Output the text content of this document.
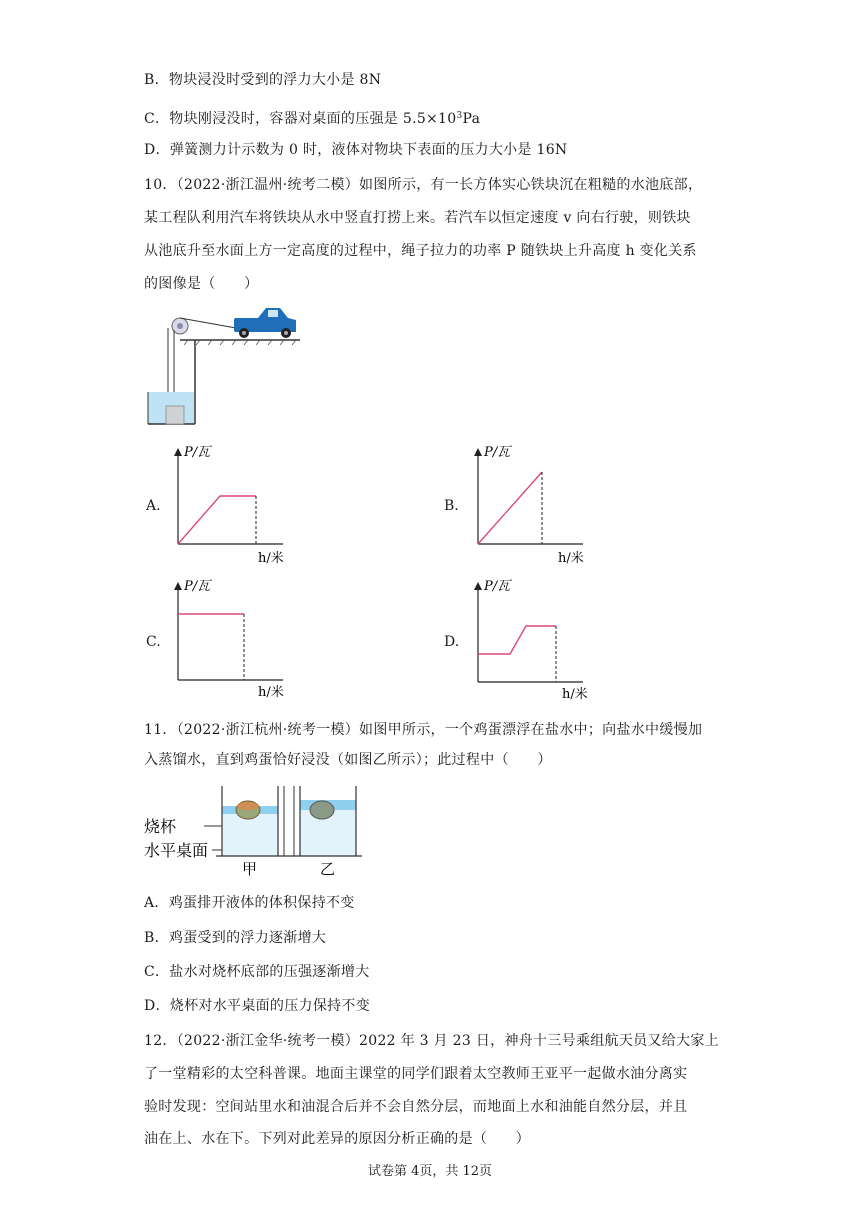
B．物块浸没时受到的浮力大小是 8N
C．物块刚浸没时，容器对桌面的压强是 $5.5\times 10^3Pa$
D．弹簧测力计示数为 0 时，液体对物块下表面的压力大小是 16N
10．（2022·浙江温州·统考二模）如图所示，有一长方体实心铁块沉在粗糙的水池底部，
某工程队利用汽车将铁块从水中竖直打捞上来。若汽车以恒定速度 v 向右行驶，则铁块
从池底升至水面上方一定高度的过程中，绳子拉力的功率 P 随铁块上升高度 h 变化关系
的图像是（　　）
A.
P/瓦
h/米
B.
P/瓦
h/米
C.
P/瓦
h/米
D.
P/瓦
h/米
11．（2022·浙江杭州·统考一模）如图甲所示，一个鸡蛋漂浮在盐水中；向盐水中缓慢加
入蒸馏水，直到鸡蛋恰好浸没（如图乙所示）；此过程中（　　）
烧杯
水平桌面
甲	乙
A．鸡蛋排开液体的体积保持不变
B．鸡蛋受到的浮力逐渐增大
C．盐水对烧杯底部的压强逐渐增大
D．烧杯对水平桌面的压力保持不变
12．（2022·浙江金华·统考一模）2022 年 3 月 23 日，神舟十三号乘组航天员又给大家上
了一堂精彩的太空科普课。地面主课堂的同学们跟着太空教师王亚平一起做水油分离实
验时发现：空间站里水和油混合后并不会自然分层，而地面上水和油能自然分层，并且
油在上、水在下。下列对此差异的原因分析正确的是（　　）
试卷第 4页，共 12页
